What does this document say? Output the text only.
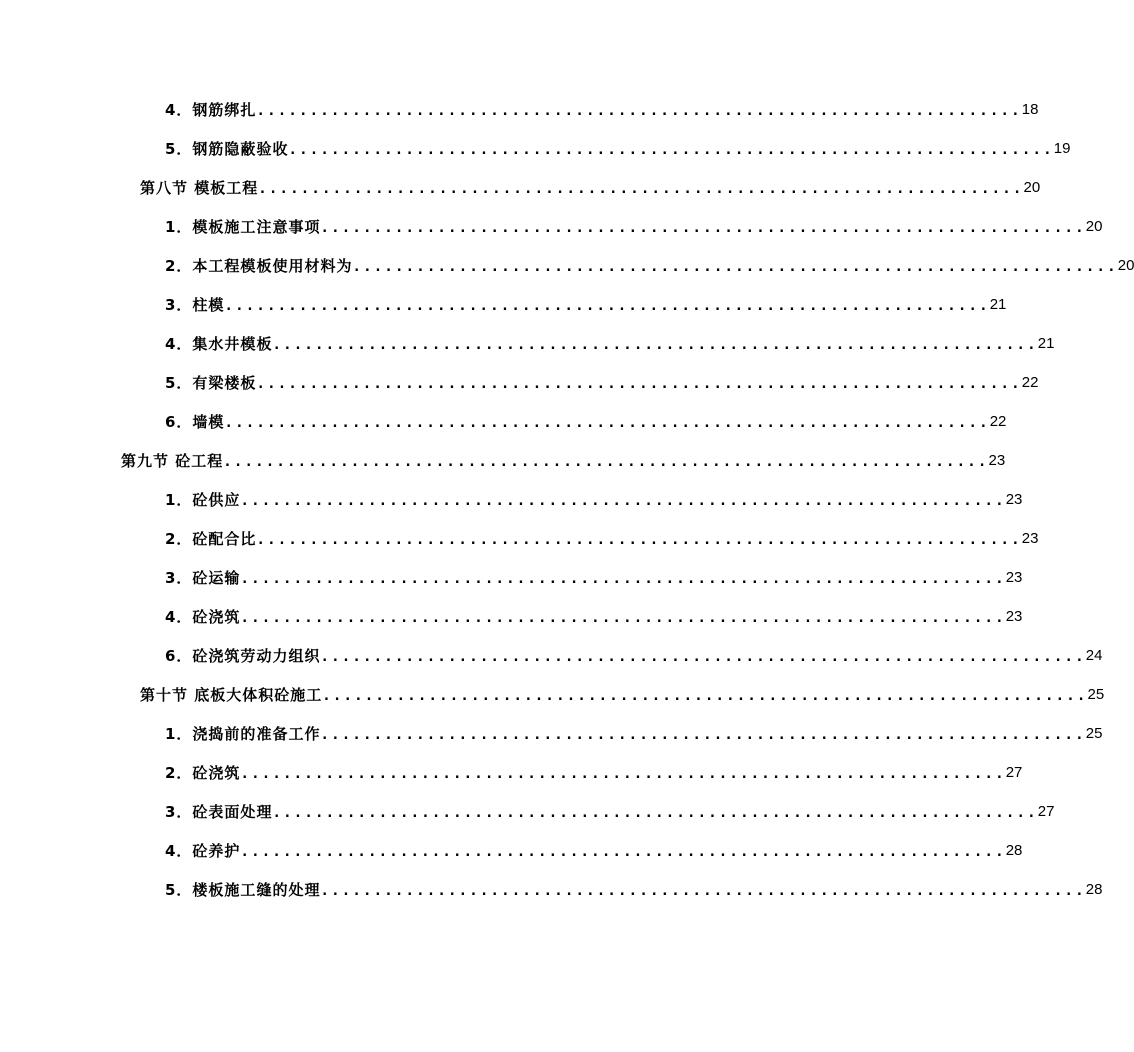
4．钢筋绑扎 ........................................................................ 18
5．钢筋隐蔽验收 ........................................................................ 19
第八节 模板工程 ........................................................................ 20
1．模板施工注意事项 ........................................................................ 20
2．本工程模板使用材料为 ........................................................................ 20
3．柱模 ........................................................................ 21
4．集水井模板 ........................................................................ 21
5．有梁楼板 ........................................................................ 22
6．墙模 ........................................................................ 22
第九节 砼工程 ........................................................................ 23
1．砼供应 ........................................................................ 23
2．砼配合比 ........................................................................ 23
3．砼运输 ........................................................................ 23
4．砼浇筑 ........................................................................ 23
6．砼浇筑劳动力组织 ........................................................................ 24
第十节 底板大体积砼施工 ........................................................................ 25
1．浇捣前的准备工作 ........................................................................ 25
2．砼浇筑 ........................................................................ 27
3．砼表面处理 ........................................................................ 27
4．砼养护 ........................................................................ 28
5．楼板施工缝的处理 ........................................................................ 28
